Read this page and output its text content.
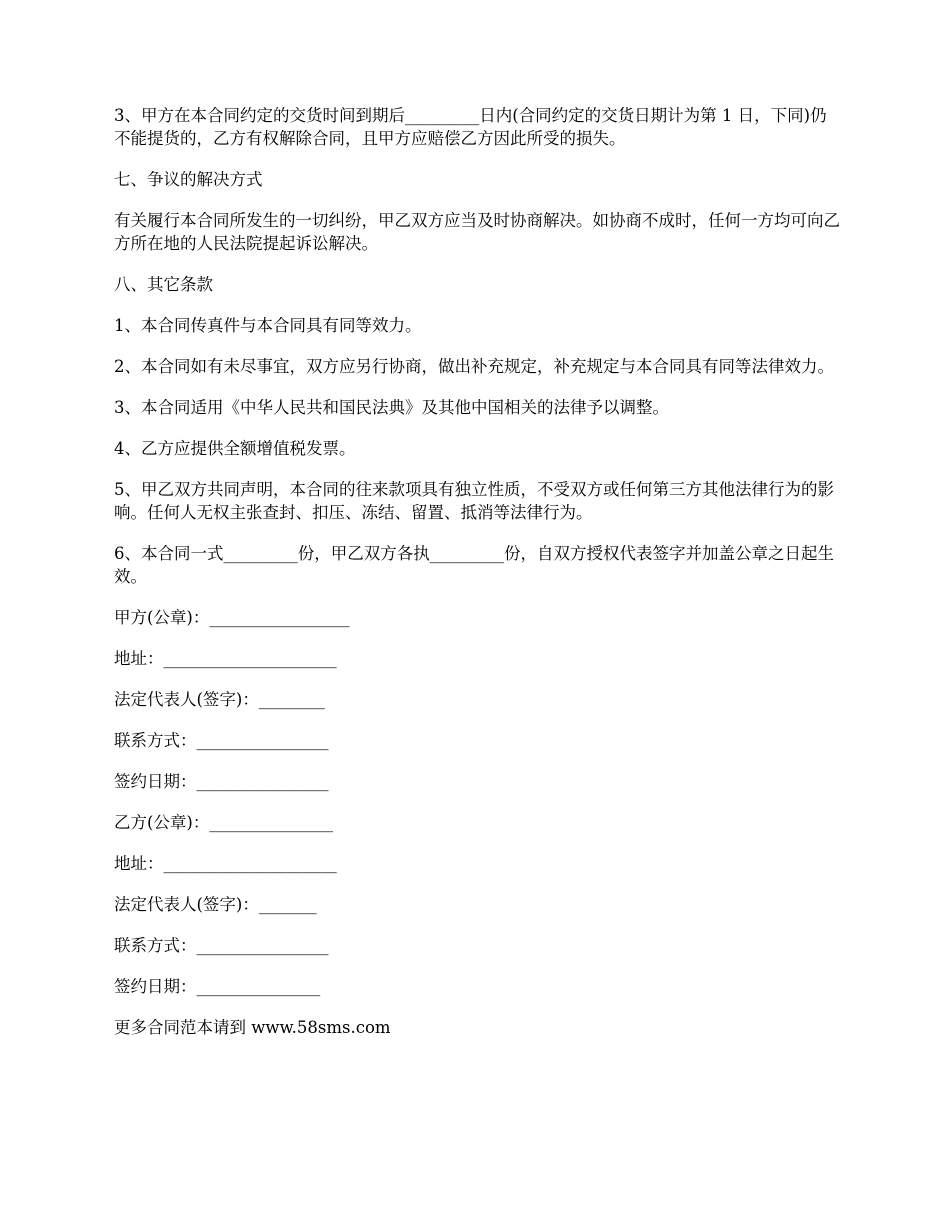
3、甲方在本合同约定的交货时间到期后_________日内(合同约定的交货日期计为第 1 日，下同)仍不能提货的，乙方有权解除合同，且甲方应赔偿乙方因此所受的损失。

七、争议的解决方式

有关履行本合同所发生的一切纠纷，甲乙双方应当及时协商解决。如协商不成时，任何一方均可向乙方所在地的人民法院提起诉讼解决。

八、其它条款

1、本合同传真件与本合同具有同等效力。

2、本合同如有未尽事宜，双方应另行协商，做出补充规定，补充规定与本合同具有同等法律效力。

3、本合同适用《中华人民共和国民法典》及其他中国相关的法律予以调整。

4、乙方应提供全额增值税发票。

5、甲乙双方共同声明，本合同的往来款项具有独立性质，不受双方或任何第三方其他法律行为的影响。任何人无权主张查封、扣压、冻结、留置、抵消等法律行为。

6、本合同一式_________份，甲乙双方各执_________份，自双方授权代表签字并加盖公章之日起生效。

甲方(公章)：_________________

地址：_____________________

法定代表人(签字)：________

联系方式：________________

签约日期：________________

乙方(公章)：_______________

地址：_____________________

法定代表人(签字)：_______

联系方式：________________

签约日期：_______________

更多合同范本请到 www.58sms.com
